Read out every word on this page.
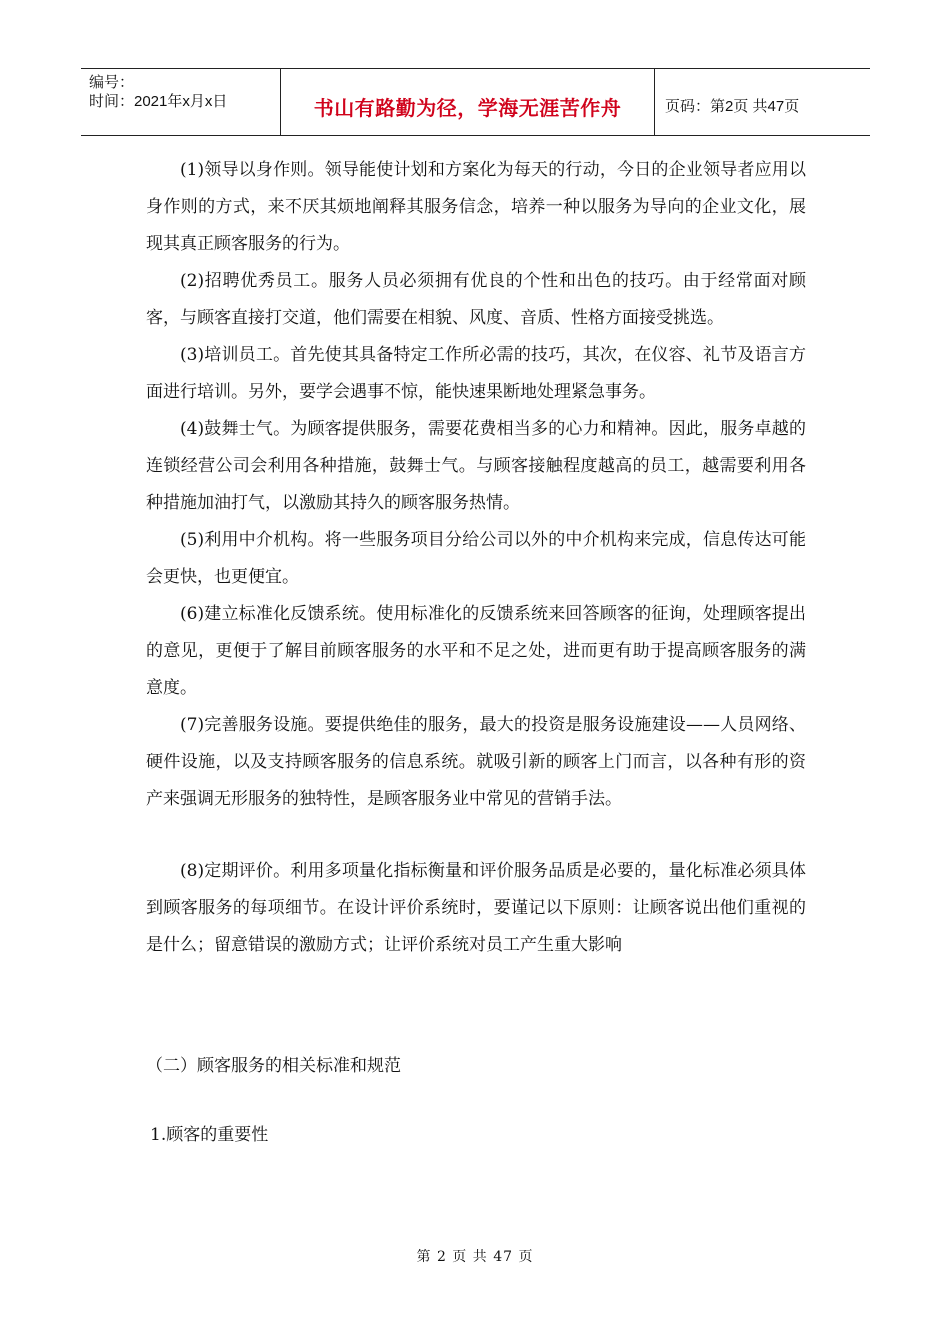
编号：
时间：2021年x月x日	书山有路勤为径，学海无涯苦作舟	页码：第2页 共47页

(1)领导以身作则。领导能使计划和方案化为每天的行动，今日的企业领导者应用以身作则的方式，来不厌其烦地阐释其服务信念，培养一种以服务为导向的企业文化，展现其真正顾客服务的行为。

(2)招聘优秀员工。服务人员必须拥有优良的个性和出色的技巧。由于经常面对顾客，与顾客直接打交道，他们需要在相貌、风度、音质、性格方面接受挑选。

(3)培训员工。首先使其具备特定工作所必需的技巧，其次，在仪容、礼节及语言方面进行培训。另外，要学会遇事不惊，能快速果断地处理紧急事务。

(4)鼓舞士气。为顾客提供服务，需要花费相当多的心力和精神。因此，服务卓越的连锁经营公司会利用各种措施，鼓舞士气。与顾客接触程度越高的员工，越需要利用各种措施加油打气，以激励其持久的顾客服务热情。

(5)利用中介机构。将一些服务项目分给公司以外的中介机构来完成，信息传达可能会更快，也更便宜。

(6)建立标准化反馈系统。使用标准化的反馈系统来回答顾客的征询，处理顾客提出的意见，更便于了解目前顾客服务的水平和不足之处，进而更有助于提高顾客服务的满意度。

(7)完善服务设施。要提供绝佳的服务，最大的投资是服务设施建设——人员网络、硬件设施，以及支持顾客服务的信息系统。就吸引新的顾客上门而言，以各种有形的资产来强调无形服务的独特性，是顾客服务业中常见的营销手法。

(8)定期评价。利用多项量化指标衡量和评价服务品质是必要的，量化标准必须具体到顾客服务的每项细节。在设计评价系统时，要谨记以下原则：让顾客说出他们重视的是什么；留意错误的激励方式；让评价系统对员工产生重大影响

（二）顾客服务的相关标准和规范

1.顾客的重要性

第 2 页 共 47 页
